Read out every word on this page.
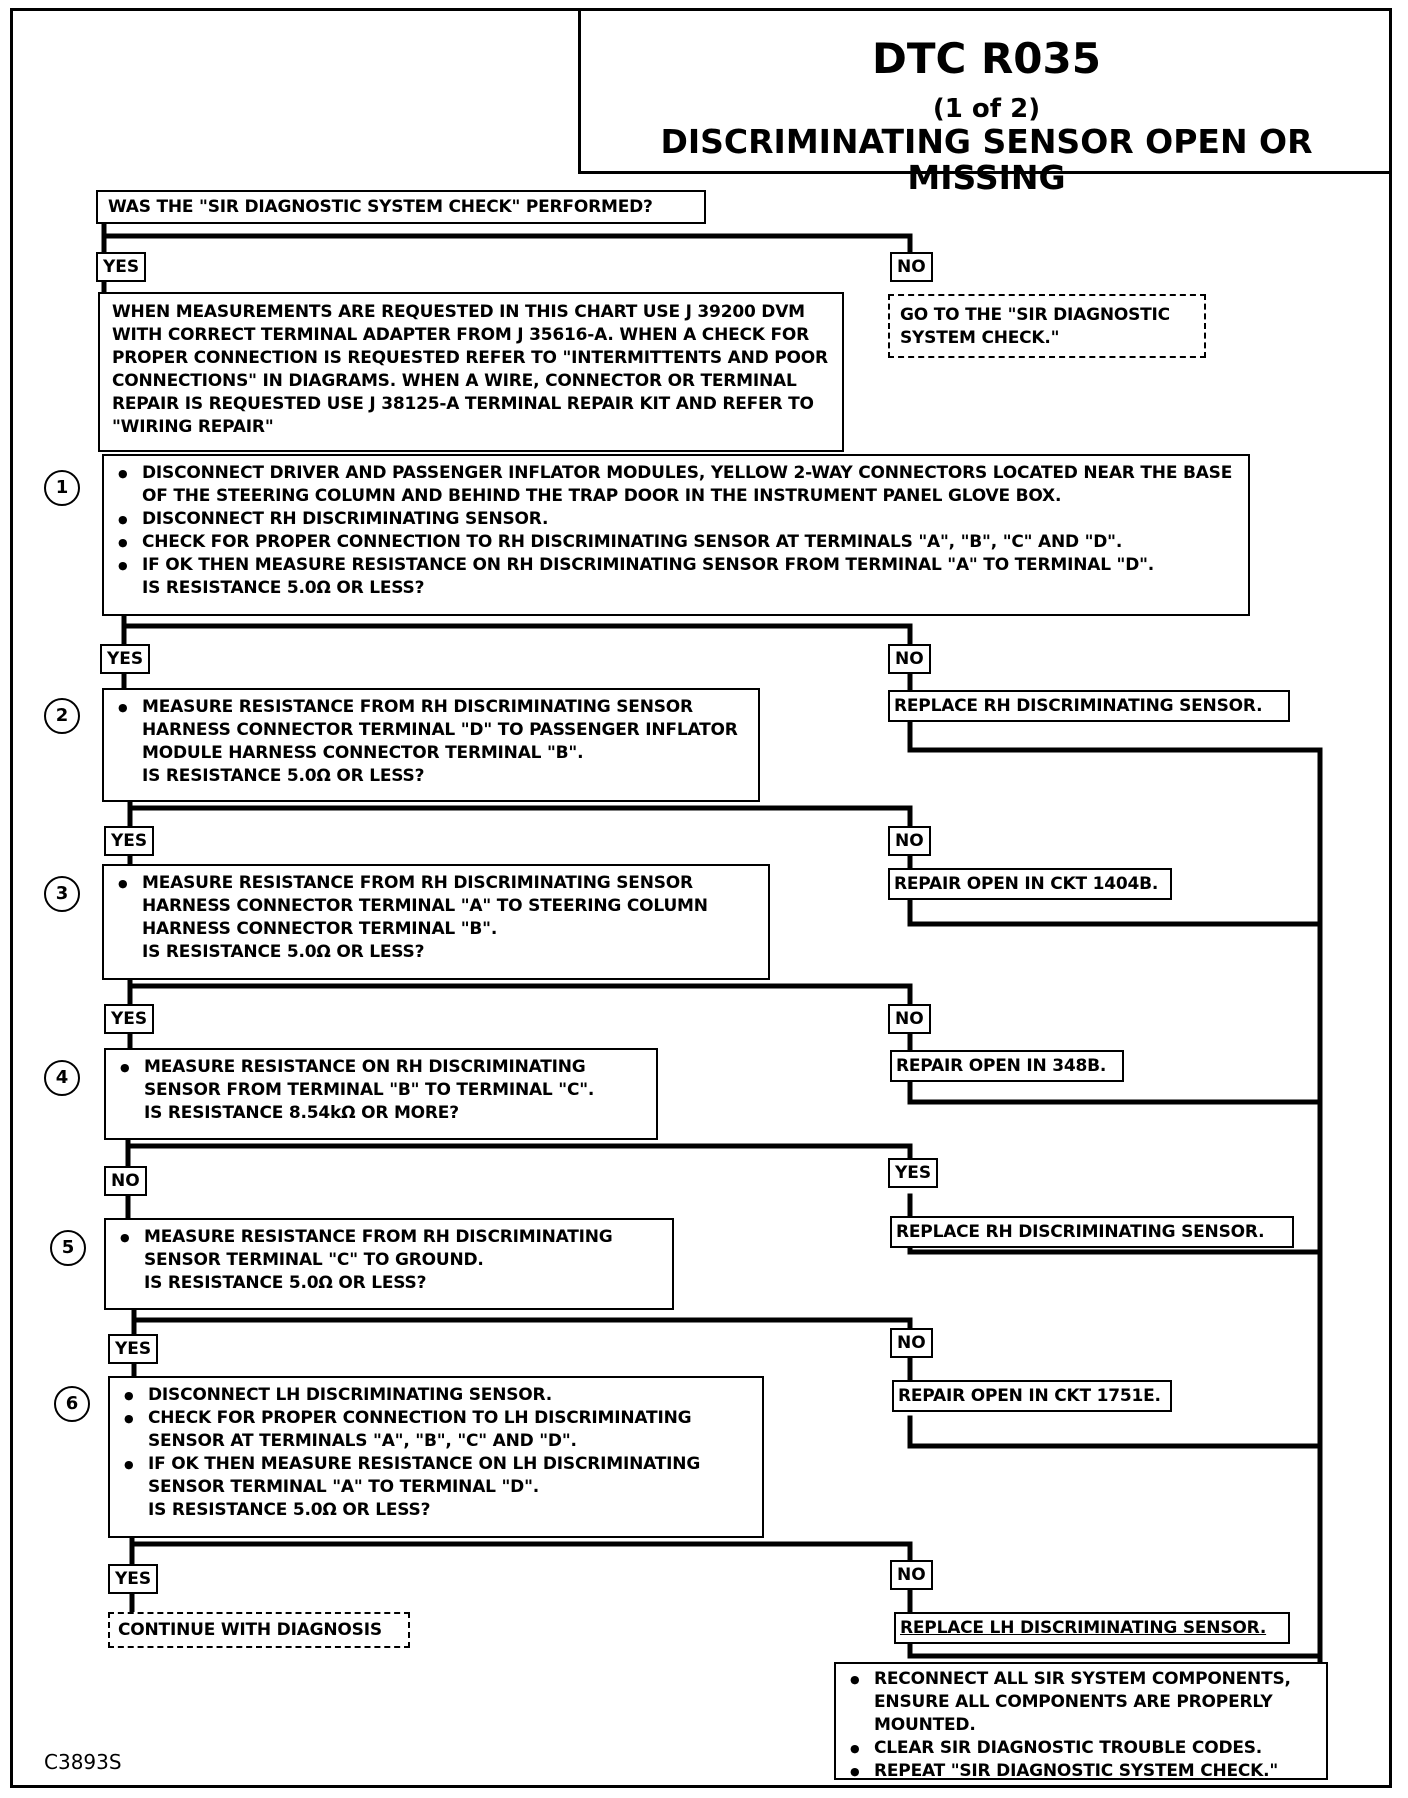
DTC R035
(1 of 2)
DISCRIMINATING SENSOR OPEN OR MISSING
WAS THE "SIR DIAGNOSTIC SYSTEM CHECK" PERFORMED?
YES	NO
GO TO THE "SIR DIAGNOSTIC SYSTEM CHECK."
WHEN MEASUREMENTS ARE REQUESTED IN THIS CHART USE J 39200 DVM WITH CORRECT TERMINAL ADAPTER FROM J 35616-A. WHEN A CHECK FOR PROPER CONNECTION IS REQUESTED REFER TO "INTERMITTENTS AND POOR CONNECTIONS" IN DIAGRAMS. WHEN A WIRE, CONNECTOR OR TERMINAL REPAIR IS REQUESTED USE J 38125-A TERMINAL REPAIR KIT AND REFER TO "WIRING REPAIR"
1
● DISCONNECT DRIVER AND PASSENGER INFLATOR MODULES, YELLOW 2-WAY CONNECTORS LOCATED NEAR THE BASE OF THE STEERING COLUMN AND BEHIND THE TRAP DOOR IN THE INSTRUMENT PANEL GLOVE BOX.
● DISCONNECT RH DISCRIMINATING SENSOR.
● CHECK FOR PROPER CONNECTION TO RH DISCRIMINATING SENSOR AT TERMINALS "A", "B", "C" AND "D".
● IF OK THEN MEASURE RESISTANCE ON RH DISCRIMINATING SENSOR FROM TERMINAL "A" TO TERMINAL "D".
IS RESISTANCE 5.0Ω OR LESS?
YES	NO
REPLACE RH DISCRIMINATING SENSOR.
2	● MEASURE RESISTANCE FROM RH DISCRIMINATING SENSOR HARNESS CONNECTOR TERMINAL "D" TO PASSENGER INFLATOR MODULE HARNESS CONNECTOR TERMINAL "B".
IS RESISTANCE 5.0Ω OR LESS?
YES	NO
REPAIR OPEN IN CKT 1404B.
3	● MEASURE RESISTANCE FROM RH DISCRIMINATING SENSOR HARNESS CONNECTOR TERMINAL "A" TO STEERING COLUMN HARNESS CONNECTOR TERMINAL "B".
IS RESISTANCE 5.0Ω OR LESS?
YES	NO
REPAIR OPEN IN 348B.
4	● MEASURE RESISTANCE ON RH DISCRIMINATING SENSOR FROM TERMINAL "B" TO TERMINAL "C".
IS RESISTANCE 8.54kΩ OR MORE?
NO	YES
REPLACE RH DISCRIMINATING SENSOR.
5	● MEASURE RESISTANCE FROM RH DISCRIMINATING SENSOR TERMINAL "C" TO GROUND.
IS RESISTANCE 5.0Ω OR LESS?
YES	NO
REPAIR OPEN IN CKT 1751E.
6	● DISCONNECT LH DISCRIMINATING SENSOR.
● CHECK FOR PROPER CONNECTION TO LH DISCRIMINATING SENSOR AT TERMINALS "A", "B", "C" AND "D".
● IF OK THEN MEASURE RESISTANCE ON LH DISCRIMINATING SENSOR TERMINAL "A" TO TERMINAL "D".
IS RESISTANCE 5.0Ω OR LESS?
YES	NO
REPLACE LH DISCRIMINATING SENSOR.
CONTINUE WITH DIAGNOSIS
● RECONNECT ALL SIR SYSTEM COMPONENTS, ENSURE ALL COMPONENTS ARE PROPERLY MOUNTED.
● CLEAR SIR DIAGNOSTIC TROUBLE CODES.
● REPEAT "SIR DIAGNOSTIC SYSTEM CHECK."
C3893S
